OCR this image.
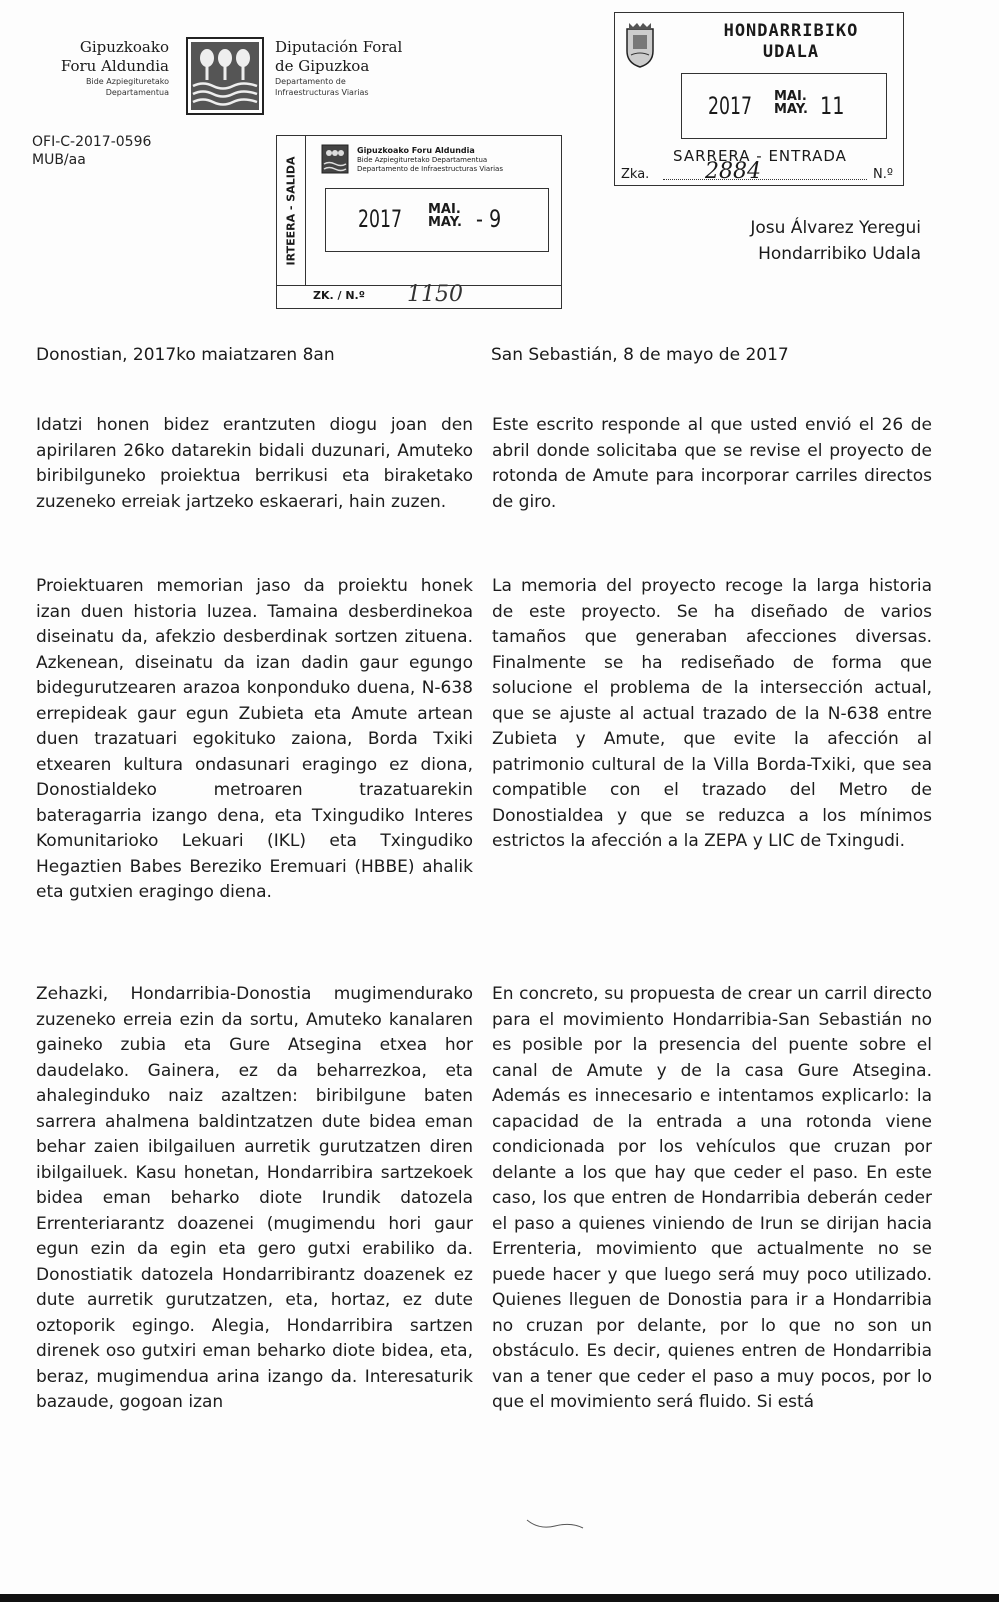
Gipuzkoako
Foru Aldundia
Bide Azpiegituretako
Departamentua
Diputación Foral
de Gipuzkoa
Departamento de
Infraestructuras Viarias
OFI-C-2017-0596
MUB/aa	IRTEERA - SALIDA
Gipuzkoako Foru Aldundia
Bide Azpiegituretako Departamentua
Departamento de Infraestructuras Viarias
2017 MAI.
MAY. - 9
ZK. / N.º 1150
HONDARRIBIKO
UDALA
2017 MAI.
MAY. 11
SARRERA - ENTRADA
Zka.	2884	N.º
Josu Álvarez Yeregui
Hondarribiko Udala
Donostian, 2017ko maiatzaren 8an	San Sebastián, 8 de mayo de 2017

Idatzi honen bidez erantzuten diogu joan den apirilaren 26ko datarekin bidali duzunari, Amuteko biribilguneko proiektua berrikusi eta biraketako zuzeneko erreiak jartzeko eskaerari, hain zuzen.

Proiektuaren memorian jaso da proiektu honek izan duen historia luzea. Tamaina desberdinekoa diseinatu da, afekzio desberdinak sortzen zituena. Azkenean, diseinatu da izan dadin gaur egungo bidegurutzearen arazoa konponduko duena, N-638 errepideak gaur egun Zubieta eta Amute artean duen trazatuari egokituko zaiona, Borda Txiki etxearen kultura ondasunari eragingo ez diona, Donostialdeko metroaren trazatuarekin bateragarria izango dena, eta Txingudiko Interes Komunitarioko Lekuari (IKL) eta Txingudiko Hegaztien Babes Bereziko Eremuari (HBBE) ahalik eta gutxien eragingo diena.

Zehazki, Hondarribia-Donostia mugimendurako zuzeneko erreia ezin da sortu, Amuteko kanalaren gaineko zubia eta Gure Atsegina etxea hor daudelako. Gainera, ez da beharrezkoa, eta ahaleginduko naiz azaltzen: biribilgune baten sarrera ahalmena baldintzatzen dute bidea eman behar zaien ibilgailuen aurretik gurutzatzen diren ibilgailuek. Kasu honetan, Hondarribira sartzekoek bidea eman beharko diote Irundik datozela Errenteriarantz doazenei (mugimendu hori gaur egun ezin da egin eta gero gutxi erabiliko da. Donostiatik datozela Hondarribirantz doazenek ez dute aurretik gurutzatzen, eta, hortaz, ez dute oztoporik egingo. Alegia, Hondarribira sartzen direnek oso gutxiri eman beharko diote bidea, eta, beraz, mugimendua arina izango da. Interesaturik bazaude, gogoan izan

Este escrito responde al que usted envió el 26 de abril donde solicitaba que se revise el proyecto de rotonda de Amute para incorporar carriles directos de giro.

La memoria del proyecto recoge la larga historia de este proyecto. Se ha diseñado de varios tamaños que generaban afecciones diversas. Finalmente se ha rediseñado de forma que solucione el problema de la intersección actual, que se ajuste al actual trazado de la N-638 entre Zubieta y Amute, que evite la afección al patrimonio cultural de la Villa Borda-Txiki, que sea compatible con el trazado del Metro de Donostialdea y que se reduzca a los mínimos estrictos la afección a la ZEPA y LIC de Txingudi.

En concreto, su propuesta de crear un carril directo para el movimiento Hondarribia-San Sebastián no es posible por la presencia del puente sobre el canal de Amute y de la casa Gure Atsegina. Además es innecesario e intentamos explicarlo: la capacidad de la entrada a una rotonda viene condicionada por los vehículos que cruzan por delante a los que hay que ceder el paso. En este caso, los que entren de Hondarribia deberán ceder el paso a quienes viniendo de Irun se dirijan hacia Errenteria, movimiento que actualmente no se puede hacer y que luego será muy poco utilizado. Quienes lleguen de Donostia para ir a Hondarribia no cruzan por delante, por lo que no son un obstáculo. Es decir, quienes entren de Hondarribia van a tener que ceder el paso a muy pocos, por lo que el movimiento será fluido. Si está
